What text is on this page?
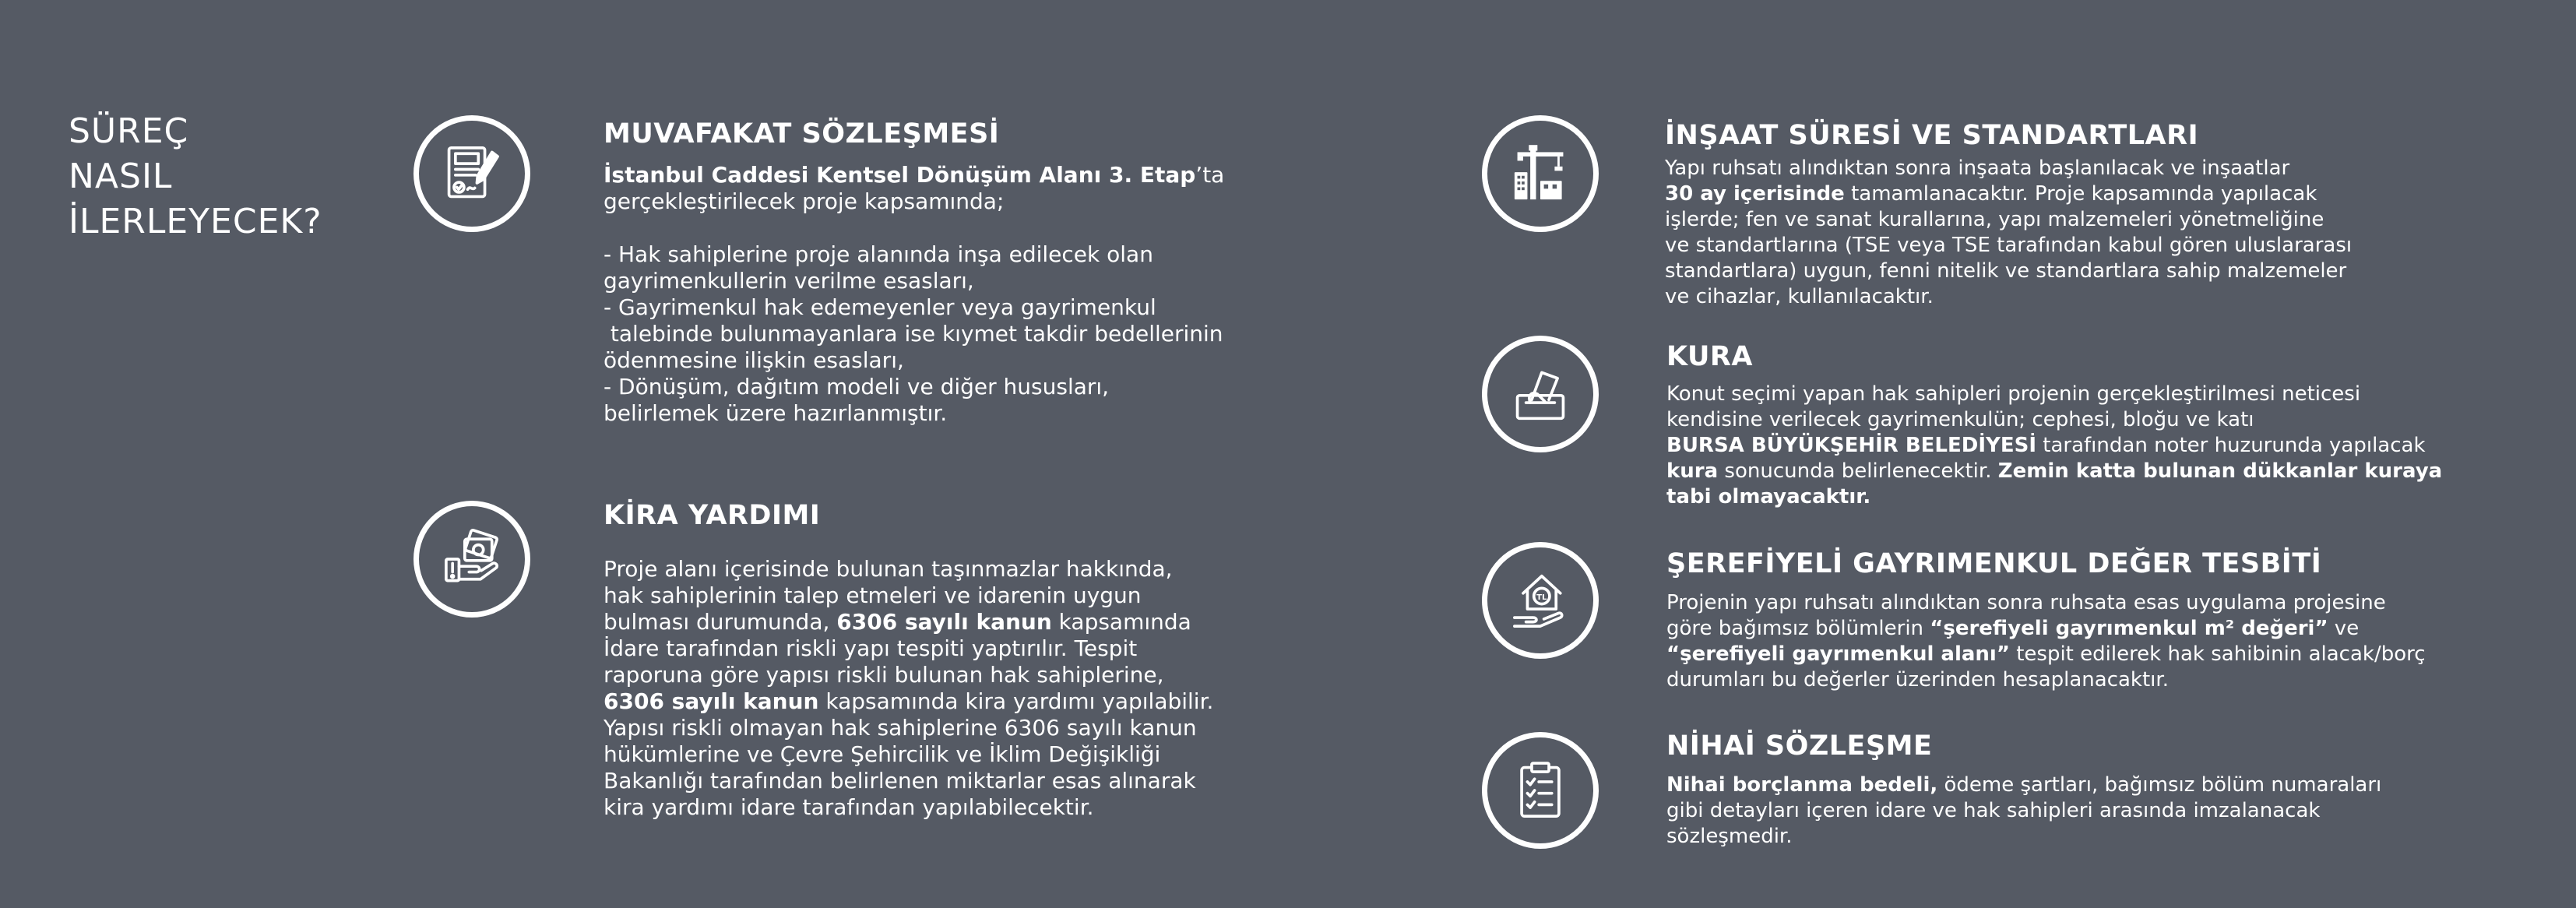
SÜREÇ
NASIL
İLERLEYECEK?
TL
MUVAFAKAT SÖZLEŞMESİ

İstanbul Caddesi Kentsel Dönüşüm Alanı 3. Etap’ta

gerçekleştirilecek proje kapsamında;

- Hak sahiplerine proje alanında inşa edilecek olan

gayrimenkullerin verilme esasları,

- Gayrimenkul hak edemeyenler veya gayrimenkul

talebinde bulunmayanlara ise kıymet takdir bedellerinin

ödenmesine ilişkin esasları,

- Dönüşüm, dağıtım modeli ve diğer hususları,

belirlemek üzere hazırlanmıştır.

KİRA YARDIMI

Proje alanı içerisinde bulunan taşınmazlar hakkında,

hak sahiplerinin talep etmeleri ve idarenin uygun

bulması durumunda, 6306 sayılı kanun kapsamında

İdare tarafından riskli yapı tespiti yaptırılır. Tespit

raporuna göre yapısı riskli bulunan hak sahiplerine,

6306 sayılı kanun kapsamında kira yardımı yapılabilir.

Yapısı riskli olmayan hak sahiplerine 6306 sayılı kanun

hükümlerine ve Çevre Şehircilik ve İklim Değişikliği

Bakanlığı tarafından belirlenen miktarlar esas alınarak

kira yardımı idare tarafından yapılabilecektir.

İNŞAAT SÜRESİ VE STANDARTLARI

Yapı ruhsatı alındıktan sonra inşaata başlanılacak ve inşaatlar

30 ay içerisinde tamamlanacaktır. Proje kapsamında yapılacak

işlerde; fen ve sanat kurallarına, yapı malzemeleri yönetmeliğine

ve standartlarına (TSE veya TSE tarafından kabul gören uluslararası

standartlara) uygun, fenni nitelik ve standartlara sahip malzemeler

ve cihazlar, kullanılacaktır.

KURA

Konut seçimi yapan hak sahipleri projenin gerçekleştirilmesi neticesi

kendisine verilecek gayrimenkulün; cephesi, bloğu ve katı

BURSA BÜYÜKŞEHİR BELEDİYESİ tarafından noter huzurunda yapılacak

kura sonucunda belirlenecektir. Zemin katta bulunan dükkanlar kuraya

tabi olmayacaktır.

ŞEREFİYELİ GAYRIMENKUL DEĞER TESBİTİ

Projenin yapı ruhsatı alındıktan sonra ruhsata esas uygulama projesine

göre bağımsız bölümlerin “şerefiyeli gayrımenkul m² değeri” ve

“şerefiyeli gayrımenkul alanı” tespit edilerek hak sahibinin alacak/borç

durumları bu değerler üzerinden hesaplanacaktır.

NİHAİ SÖZLEŞME

Nihai borçlanma bedeli, ödeme şartları, bağımsız bölüm numaraları

gibi detayları içeren idare ve hak sahipleri arasında imzalanacak

sözleşmedir.
